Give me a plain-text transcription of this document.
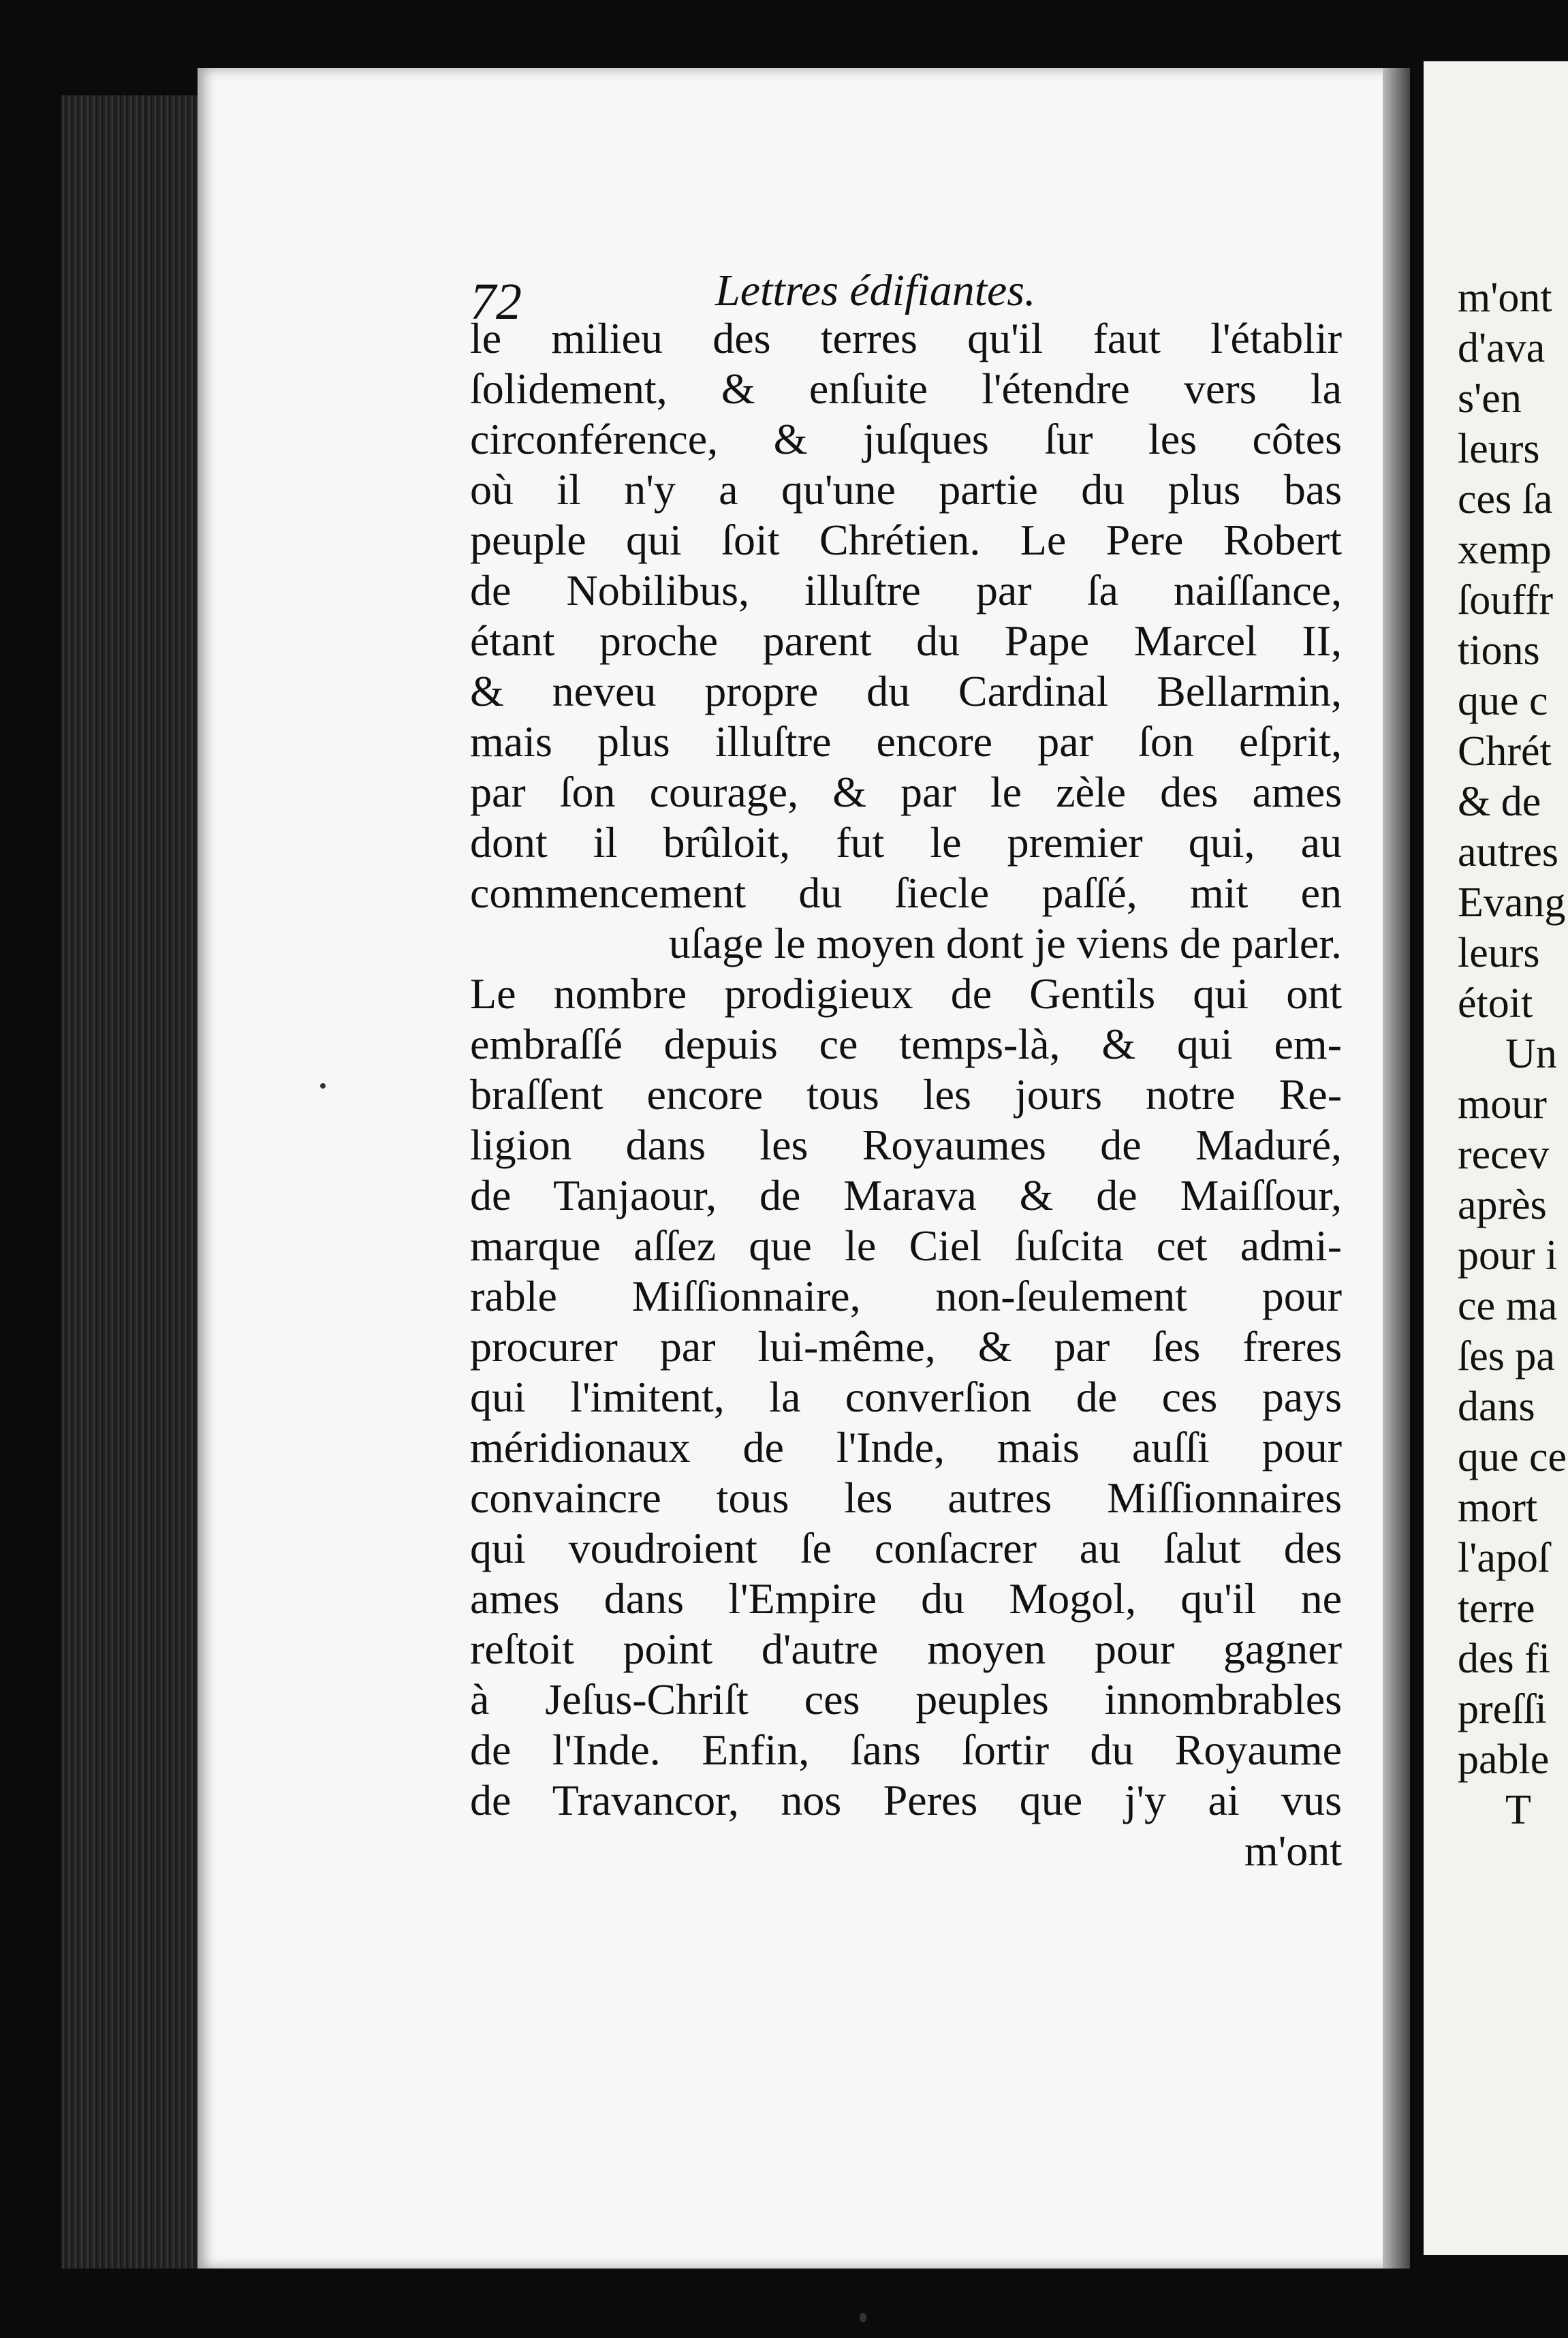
72	Lettres édifiantes.
le milieu des terres qu'il faut l'établir
ſolidement, & enſuite l'étendre vers la
circonférence, & juſques ſur les côtes
où il n'y a qu'une partie du plus bas
peuple qui ſoit Chrétien. Le Pere Robert
de Nobilibus, illuſtre par ſa naiſſance,
étant proche parent du Pape Marcel II,
& neveu propre du Cardinal Bellarmin,
mais plus illuſtre encore par ſon eſprit,
par ſon courage, & par le zèle des ames
dont il brûloit, fut le premier qui, au
commencement du ſiecle paſſé, mit en
uſage le moyen dont je viens de parler.
Le nombre prodigieux de Gentils qui ont
embraſſé depuis ce temps-là, & qui em-
braſſent encore tous les jours notre Re-
ligion dans les Royaumes de Maduré,
de Tanjaour, de Marava & de Maiſſour,
marque aſſez que le Ciel ſuſcita cet admi-
rable Miſſionnaire, non-ſeulement pour
procurer par lui-même, & par ſes freres
qui l'imitent, la converſion de ces pays
méridionaux de l'Inde, mais auſſi pour
convaincre tous les autres Miſſionnaires
qui voudroient ſe conſacrer au ſalut des
ames dans l'Empire du Mogol, qu'il ne
reſtoit point d'autre moyen pour gagner
à Jeſus-Chriſt ces peuples innombrables
de l'Inde. Enfin, ſans ſortir du Royaume
de Travancor, nos Peres que j'y ai vus
m'ont
m'ont
d'ava
s'en
leurs
ces ſa
xemp
ſouffr
tions
que c
Chrét
& de
autres
Evang
leurs
étoit
Un
mour
recev
après
pour i
ce ma
ſes pa
dans
que ce
mort
l'apoſ
terre
des fi
preſſi
pable
T
